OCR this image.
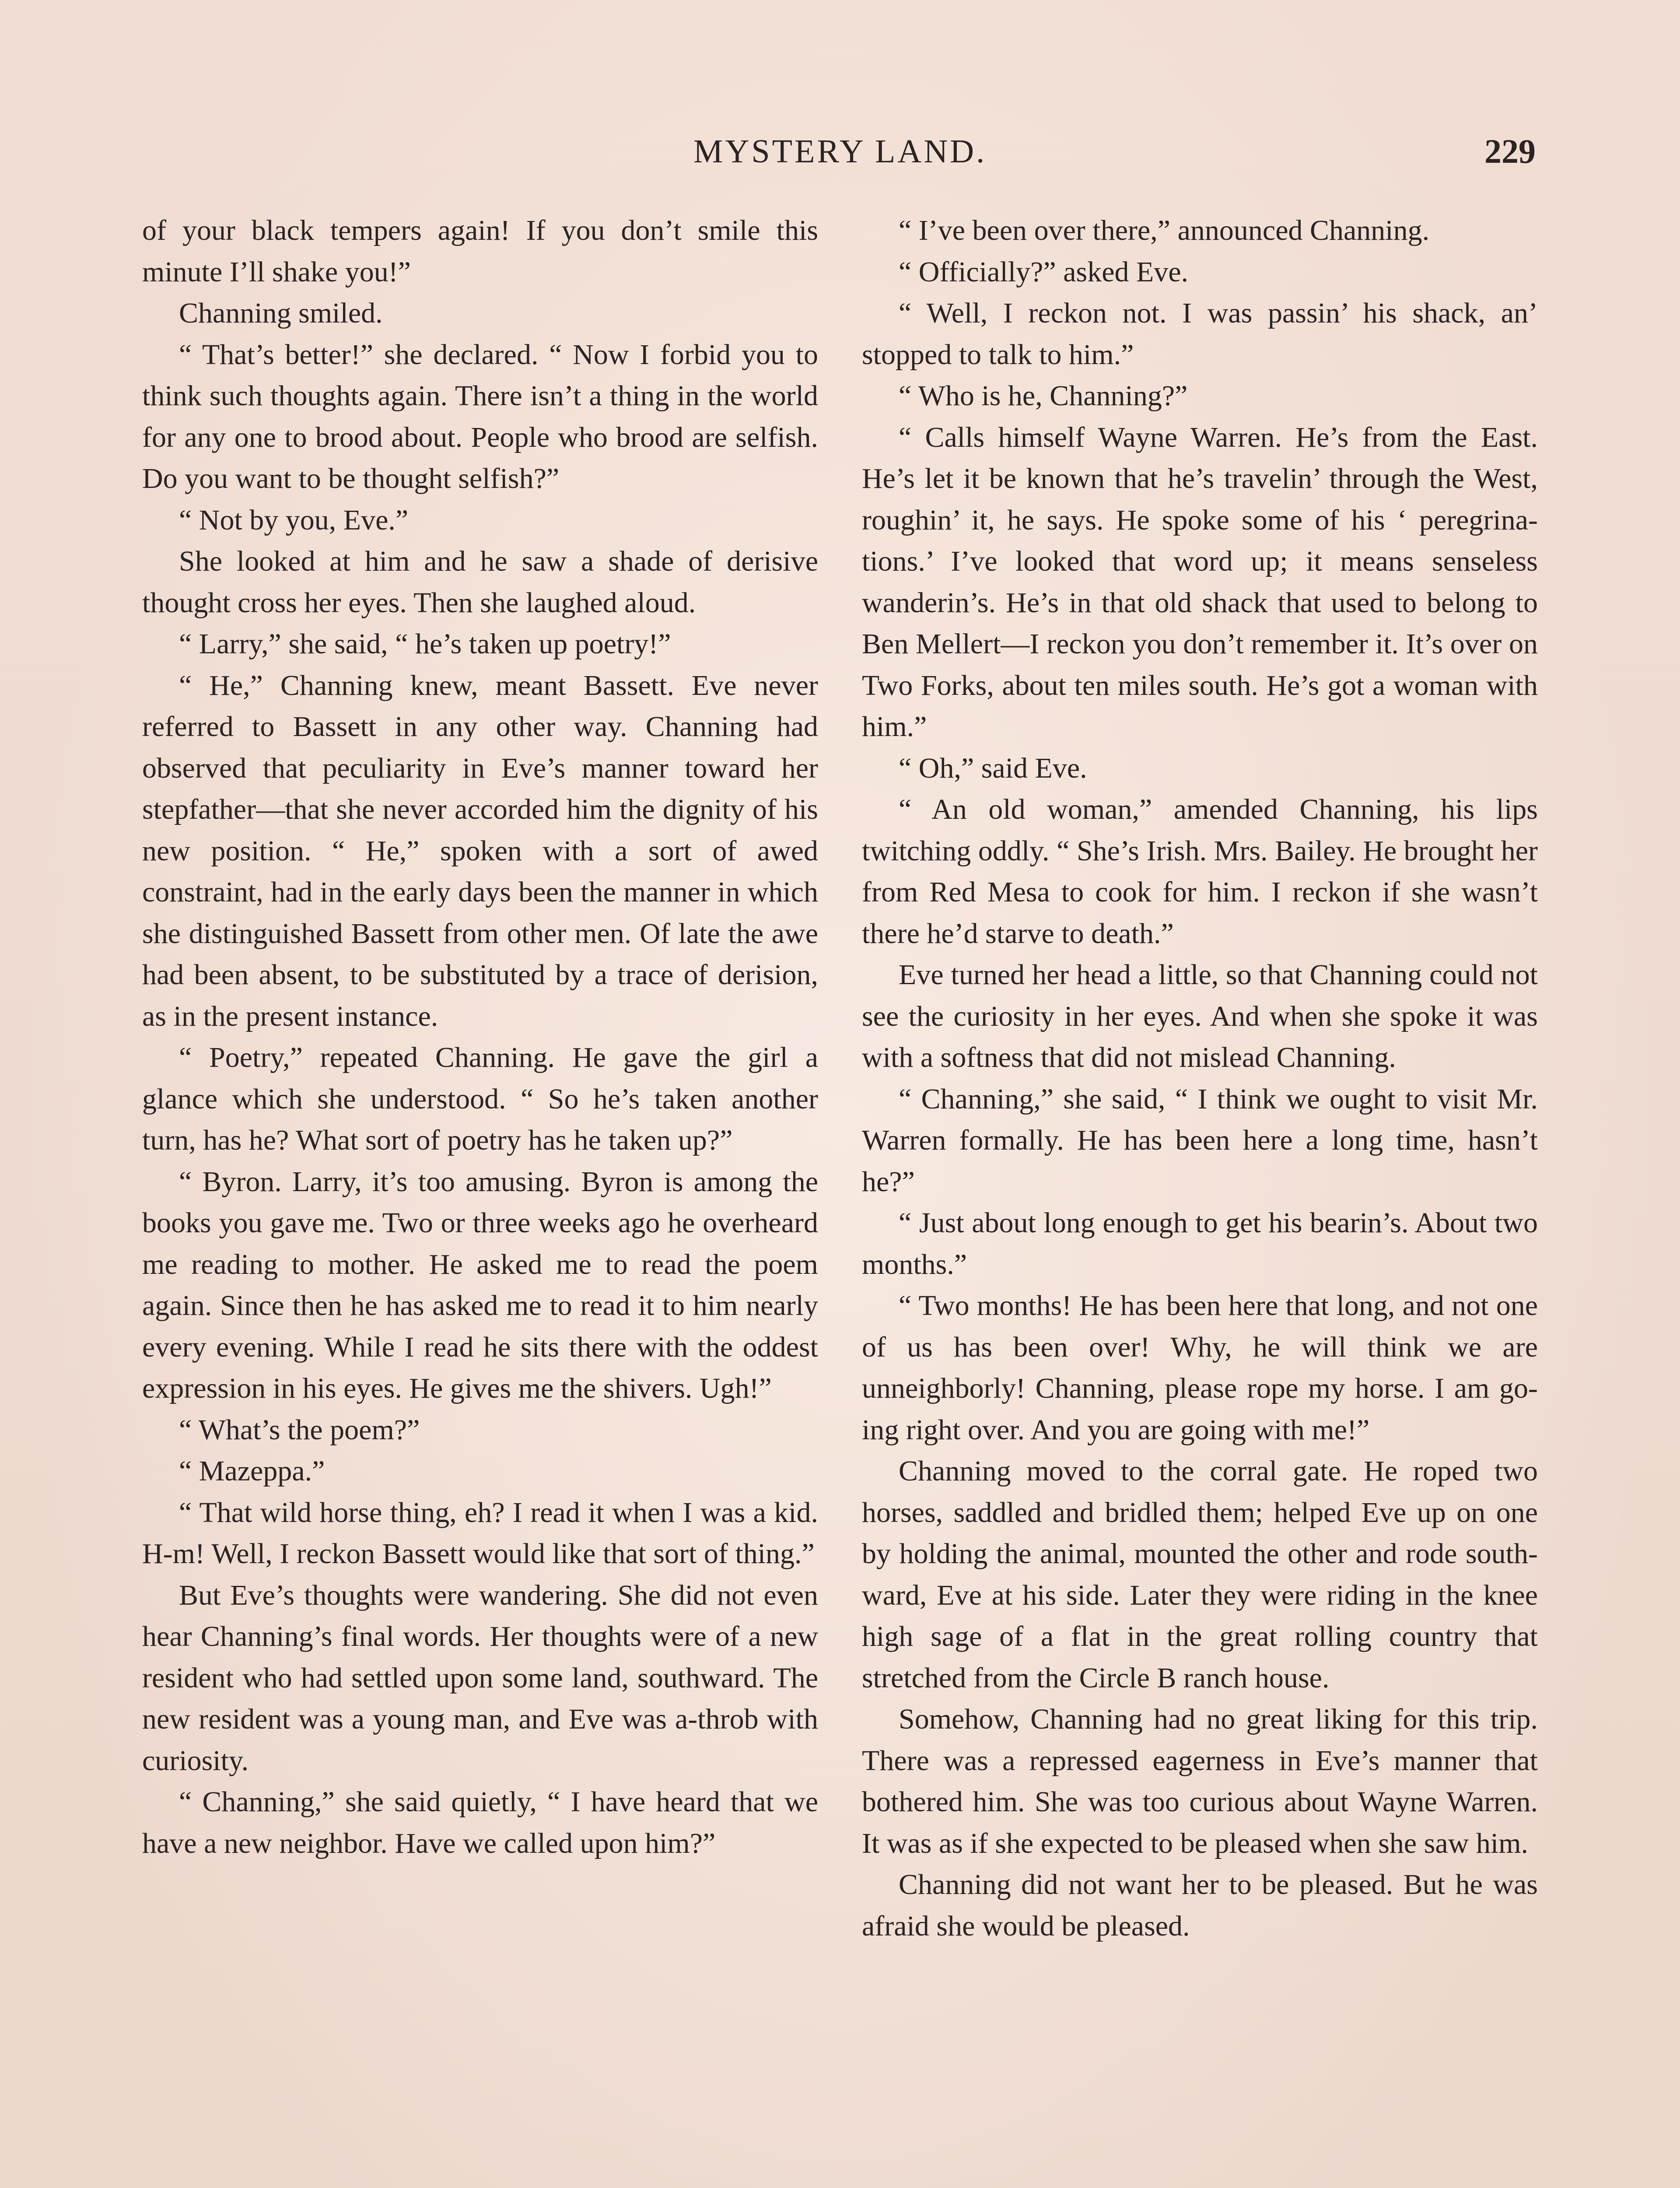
MYSTERY LAND.	229

of your black tempers again! If you don’t smile this minute I’ll shake you!”

Channing smiled.

“ That’s better!” she declared. “ Now I forbid you to think such thoughts again. There isn’t a thing in the world for any one to brood about. People who brood are selfish. Do you want to be thought selfish?”

“ Not by you, Eve.”

She looked at him and he saw a shade of derisive thought cross her eyes. Then she laughed aloud.

“ Larry,” she said, “ he’s taken up poetry!”

“ He,” Channing knew, meant Bassett. Eve never referred to Bassett in any other way. Channing had observed that peculiarity in Eve’s manner toward her stepfather—that she never accorded him the dignity of his new position. “ He,” spoken with a sort of awed constraint, had in the early days been the manner in which she distinguished Bassett from other men. Of late the awe had been absent, to be substituted by a trace of derision, as in the present instance.

“ Poetry,” repeated Channing. He gave the girl a glance which she understood. “ So he’s taken another turn, has he? What sort of poetry has he taken up?”

“ Byron. Larry, it’s too amusing. Byron is among the books you gave me. Two or three weeks ago he overheard me reading to mother. He asked me to read the poem again. Since then he has asked me to read it to him nearly every evening. While I read he sits there with the oddest expression in his eyes. He gives me the shivers. Ugh!”

“ What’s the poem?”

“ Mazeppa.”

“ That wild horse thing, eh? I read it when I was a kid. H-m! Well, I reckon Bassett would like that sort of thing.”

But Eve’s thoughts were wandering. She did not even hear Channing’s final words. Her thoughts were of a new resident who had settled upon some land, southward. The new resident was a young man, and Eve was a-throb with curiosity.

“ Channing,” she said quietly, “ I have heard that we have a new neighbor. Have we called upon him?”

“ I’ve been over there,” announced Channing.

“ Officially?” asked Eve.

“ Well, I reckon not. I was passin’ his shack, an’ stopped to talk to him.”

“ Who is he, Channing?”

“ Calls himself Wayne Warren. He’s from the East. He’s let it be known that he’s travelin’ through the West, roughin’ it, he says. He spoke some of his ‘ peregrinations.’ I’ve looked that word up; it means senseless wanderin’s. He’s in that old shack that used to belong to Ben Mellert—I reckon you don’t remember it. It’s over on Two Forks, about ten miles south. He’s got a woman with him.”

“ Oh,” said Eve.

“ An old woman,” amended Channing, his lips twitching oddly. “ She’s Irish. Mrs. Bailey. He brought her from Red Mesa to cook for him. I reckon if she wasn’t there he’d starve to death.”

Eve turned her head a little, so that Channing could not see the curiosity in her eyes. And when she spoke it was with a softness that did not mislead Channing.

“ Channing,” she said, “ I think we ought to visit Mr. Warren formally. He has been here a long time, hasn’t he?”

“ Just about long enough to get his bearin’s. About two months.”

“ Two months! He has been here that long, and not one of us has been over! Why, he will think we are unneighborly! Channing, please rope my horse. I am going right over. And you are going with me!”

Channing moved to the corral gate. He roped two horses, saddled and bridled them; helped Eve up on one by holding the animal, mounted the other and rode southward, Eve at his side. Later they were riding in the knee high sage of a flat in the great rolling country that stretched from the Circle B ranch house.

Somehow, Channing had no great liking for this trip. There was a repressed eagerness in Eve’s manner that bothered him. She was too curious about Wayne Warren. It was as if she expected to be pleased when she saw him.

Channing did not want her to be pleased. But he was afraid she would be pleased.
